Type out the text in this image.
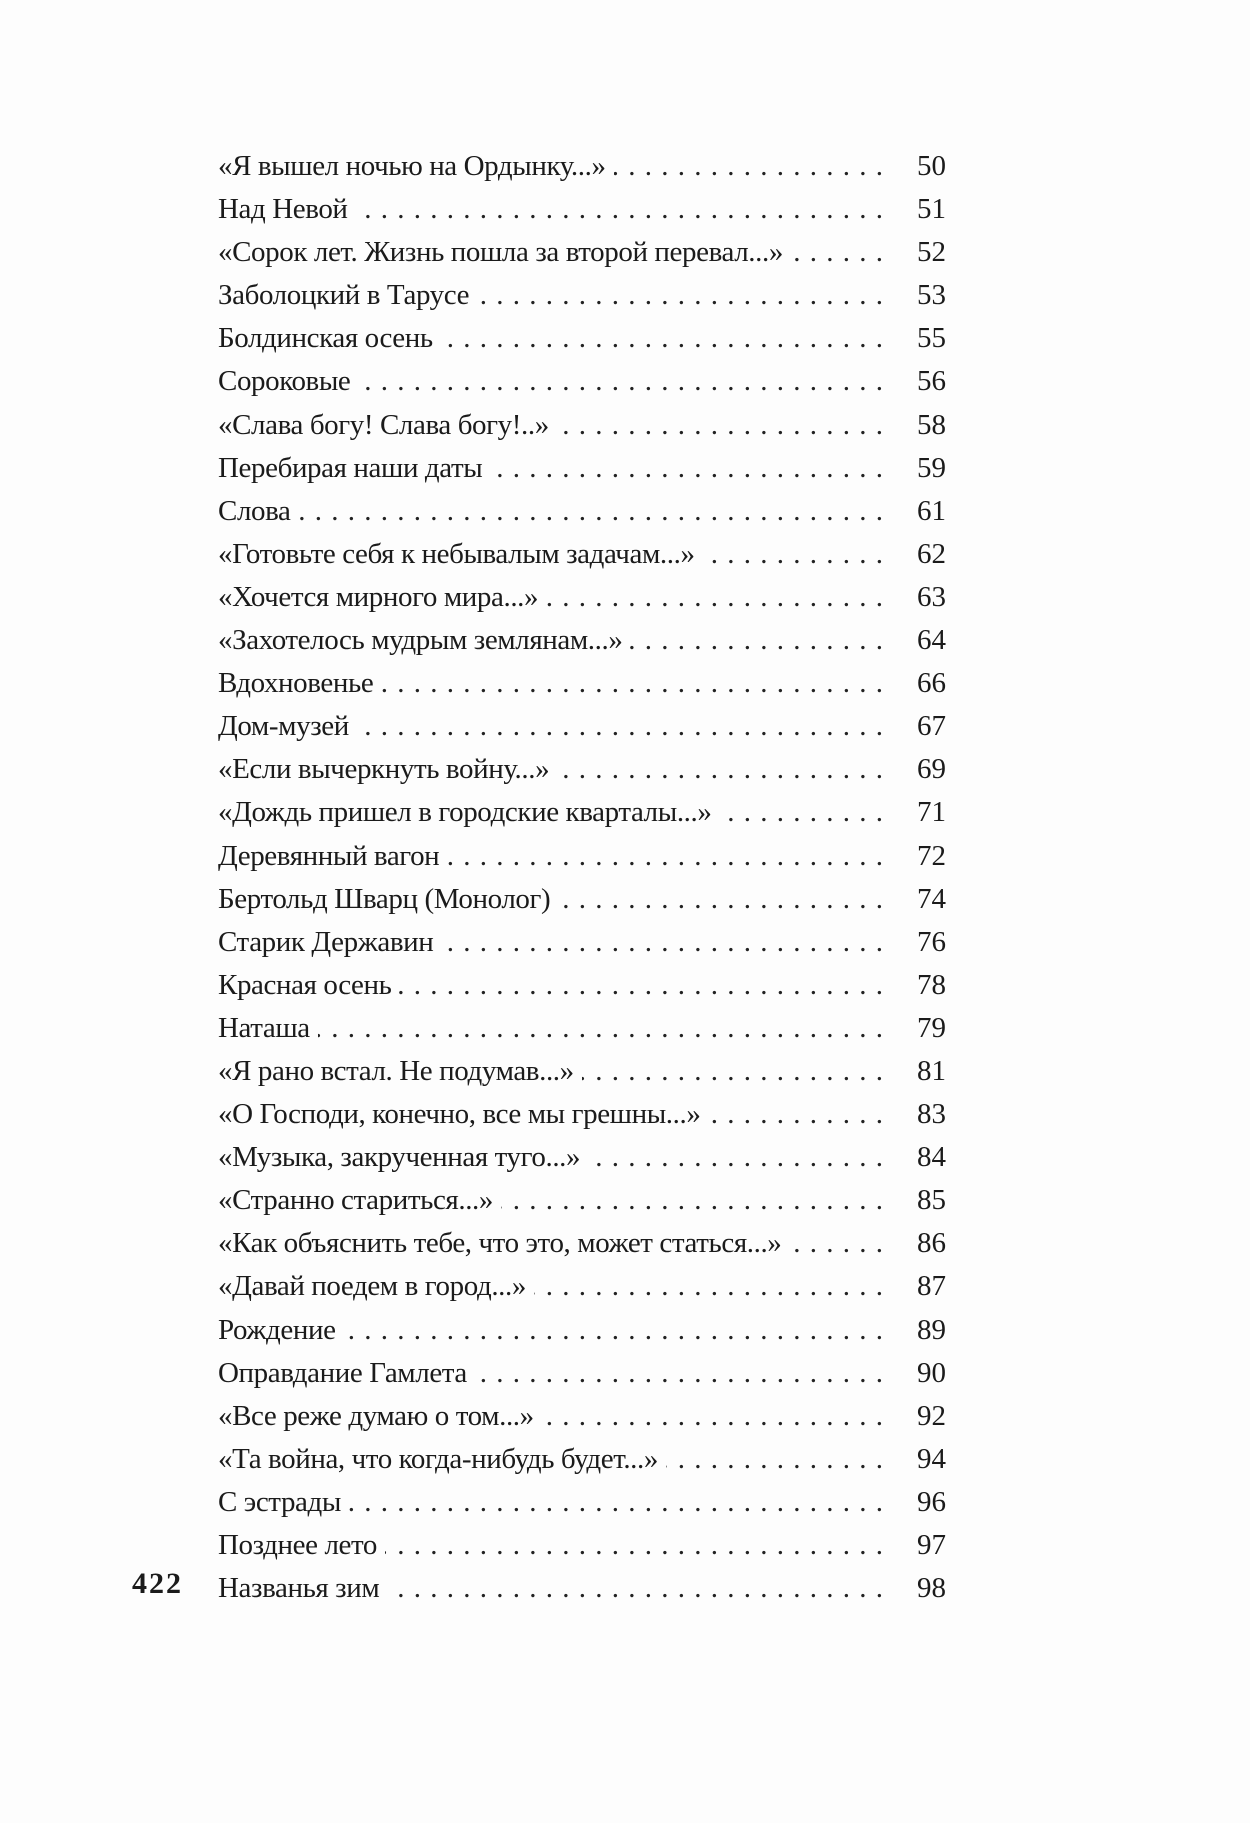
«Я вышел ночью на Ордынку...» . . .	50
Над Невой . . .	51
«Сорок лет. Жизнь пошла за второй перевал...» . . .	52
Заболоцкий в Тарусе . . .	53
Болдинская осень . . .	55
Сороковые . . .	56
«Слава богу! Слава богу!..» . . .	58
Перебирая наши даты . . .	59
Слова . . .	61
«Готовьте себя к небывалым задачам...» . . .	62
«Хочется мирного мира...» . . .	63
«Захотелось мудрым землянам...» . . .	64
Вдохновенье . . .	66
Дом-музей . . .	67
«Если вычеркнуть войну...» . . .	69
«Дождь пришел в городские кварталы...» . . .	71
Деревянный вагон . . .	72
Бертольд Шварц (Монолог) . . .	74
Старик Державин . . .	76
Красная осень . . .	78
Наташа . . .	79
«Я рано встал. Не подумав...» . . .	81
«О Господи, конечно, все мы грешны...» . . .	83
«Музыка, закрученная туго...» . . .	84
«Странно стариться...» . . .	85
«Как объяснить тебе, что это, может статься...» . . .	86
«Давай поедем в город...» . . .	87
Рождение . . .	89
Оправдание Гамлета . . .	90
«Все реже думаю о том...» . . .	92
«Та война, что когда-нибудь будет...» . . .	94
С эстрады . . .	96
Позднее лето . . .	97
Названья зим . . .	98
422
